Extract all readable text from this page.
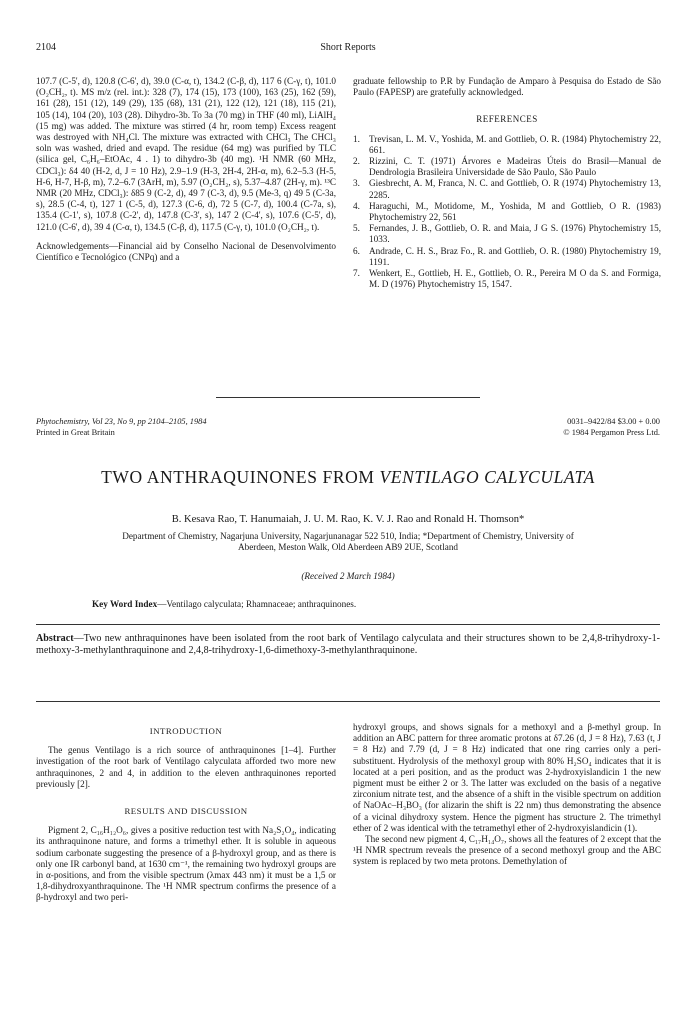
2104	Short Reports

107.7 (C-5', d), 120.8 (C-6', d), 39.0 (C-α, t), 134.2 (C-β, d), 117 6 (C-γ, t), 101.0 (O₂CH₂, t). MS m/z (rel. int.): 328 (7), 174 (15), 173 (100), 163 (25), 162 (59), 161 (28), 151 (12), 149 (29), 135 (68), 131 (21), 122 (12), 121 (18), 115 (21), 105 (14), 104 (20), 103 (28). Dihydro-3b. To 3a (70 mg) in THF (40 ml), LiAlH₄ (15 mg) was added. The mixture was stirred (4 hr, room temp) Excess reagent was destroyed with NH₄Cl. The mixture was extracted with CHCl₃ The CHCl₃ soln was washed, dried and evapd. The residue (64 mg) was purified by TLC (silica gel, C₆H₆–EtOAc, 4 . 1) to dihydro-3b (40 mg). ¹H NMR (60 MHz, CDCl₃): δ4 40 (H-2, d, J = 10 Hz), 2.9–1.9 (H-3, 2H-4, 2H-α, m), 6.2–5.3 (H-5, H-6, H-7, H-β, m), 7.2–6.7 (3ArH, m), 5.97 (O₂CH₂, s), 5.37–4.87 (2H-γ, m). ¹³C NMR (20 MHz, CDCl₃): δ85 9 (C-2, d), 49 7 (C-3, d), 9.5 (Me-3, q) 49 5 (C-3a, s), 28.5 (C-4, t), 127 1 (C-5, d), 127.3 (C-6, d), 72 5 (C-7, d), 100.4 (C-7a, s), 135.4 (C-1', s), 107.8 (C-2', d), 147.8 (C-3', s), 147 2 (C-4', s), 107.6 (C-5', d), 121.0 (C-6', d), 39 4 (C-α, t), 134.5 (C-β, d), 117.5 (C-γ, t), 101.0 (O₂CH₂, t).

Acknowledgements—Financial aid by Conselho Nacional de Desenvolvimento Científico e Tecnológico (CNPq) and a

graduate fellowship to P.R by Fundação de Amparo à Pesquisa do Estado de São Paulo (FAPESP) are gratefully acknowledged.

REFERENCES
1. Trevisan, L. M. V., Yoshida, M. and Gottlieb, O. R. (1984) Phytochemistry 22, 661.
2. Rizzini, C. T. (1971) Árvores e Madeiras Úteis do Brasil—Manual de Dendrologia Brasileira Universidade de São Paulo, São Paulo
3. Giesbrecht, A. M, Franca, N. C. and Gottlieb, O. R (1974) Phytochemistry 13, 2285.
4. Haraguchi, M., Motidome, M., Yoshida, M and Gottlieb, O R. (1983) Phytochemistry 22, 561
5. Fernandes, J. B., Gottlieb, O. R. and Maia, J G S. (1976) Phytochemistry 15, 1033.
6. Andrade, C. H. S., Braz Fo., R. and Gottlieb, O. R. (1980) Phytochemistry 19, 1191.
7. Wenkert, E., Gottlieb, H. E., Gottlieb, O. R., Pereira M O da S. and Formiga, M. D (1976) Phytochemistry 15, 1547.
Phytochemistry, Vol 23, No 9, pp 2104–2105, 1984
Printed in Great Britain
0031–9422/84 $3.00 + 0.00
© 1984 Pergamon Press Ltd.
TWO ANTHRAQUINONES FROM VENTILAGO CALYCULATA
B. Kesava Rao, T. Hanumaiah, J. U. M. Rao, K. V. J. Rao and Ronald H. Thomson*
Department of Chemistry, Nagarjuna University, Nagarjunanagar 522 510, India; *Department of Chemistry, University of
Aberdeen, Meston Walk, Old Aberdeen AB9 2UE, Scotland
(Received 2 March 1984)
Key Word Index—Ventilago calyculata; Rhamnaceae; anthraquinones.
Abstract—Two new anthraquinones have been isolated from the root bark of Ventilago calyculata and their structures shown to be 2,4,8-trihydroxy-1-methoxy-3-methylanthraquinone and 2,4,8-trihydroxy-1,6-dimethoxy-3-methylanthraquinone.
INTRODUCTION

The genus Ventilago is a rich source of anthraquinones [1–4]. Further investigation of the root bark of Ventilago calyculata afforded two more new anthraquinones, 2 and 4, in addition to the eleven anthraquinones reported previously [2].

RESULTS AND DISCUSSION

Pigment 2, C₁₆H₁₂O₆, gives a positive reduction test with Na₂S₂O₄, indicating its anthraquinone nature, and forms a trimethyl ether. It is soluble in aqueous sodium carbonate suggesting the presence of a β-hydroxyl group, and as there is only one IR carbonyl band, at 1630 cm⁻¹, the remaining two hydroxyl groups are in α-positions, and from the visible spectrum (λmax 443 nm) it must be a 1,5 or 1,8-dihydroxyanthraquinone. The ¹H NMR spectrum confirms the presence of a β-hydroxyl and two peri-

hydroxyl groups, and shows signals for a methoxyl and a β-methyl group. In addition an ABC pattern for three aromatic protons at δ7.26 (d, J = 8 Hz), 7.63 (t, J = 8 Hz) and 7.79 (d, J = 8 Hz) indicated that one ring carries only a peri-substituent. Hydrolysis of the methoxyl group with 80% H₂SO₄ indicates that it is located at a peri position, and as the product was 2-hydroxyislandicin 1 the new pigment must be either 2 or 3. The latter was excluded on the basis of a negative zirconium nitrate test, and the absence of a shift in the visible spectrum on addition of NaOAc–H₃BO₃ (for alizarin the shift is 22 nm) thus demonstrating the absence of a vicinal dihydroxy system. Hence the pigment has structure 2. The trimethyl ether of 2 was identical with the tetramethyl ether of 2-hydroxyislandicin (1).

The second new pigment 4, C₁₇H₁₄O₇, shows all the features of 2 except that the ¹H NMR spectrum reveals the presence of a second methoxyl group and the ABC system is replaced by two meta protons. Demethylation of
